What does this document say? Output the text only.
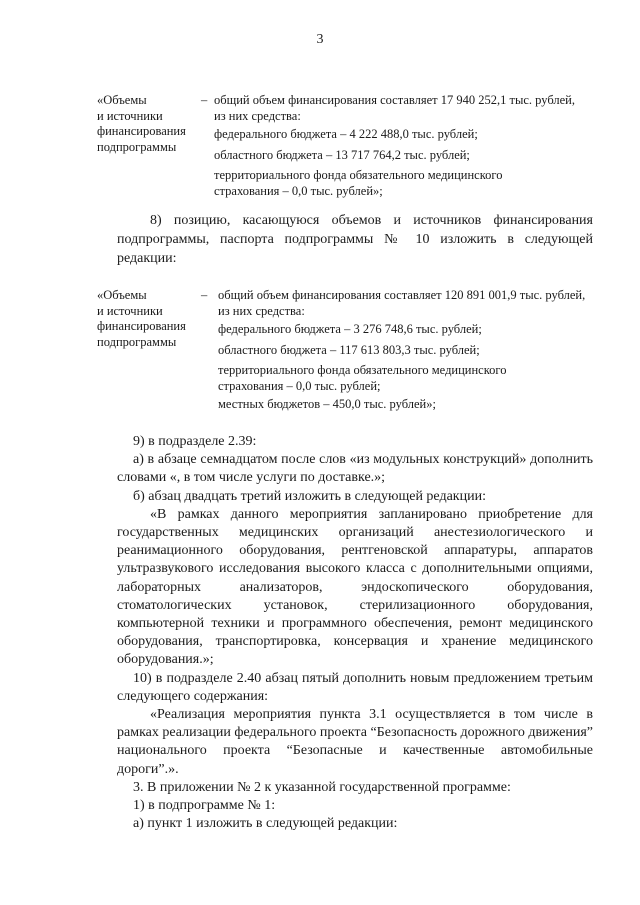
3
«Объемы
и источники
финансирования
подпрограммы
– общий объем финансирования составляет 17 940 252,1 тыс. рублей,
из них средства:
федерального бюджета – 4 222 488,0 тыс. рублей;
областного бюджета – 13 717 764,2 тыс. рублей;
территориального фонда обязательного медицинского
страхования – 0,0 тыс. рублей»;
8) позицию, касающуюся объемов и источников финансирования подпрограммы, паспорта подпрограммы № 10 изложить в следующей редакции:
«Объемы
и источники
финансирования
подпрограммы
– общий объем финансирования составляет 120 891 001,9 тыс. рублей,
из них средства:
федерального бюджета – 3 276 748,6 тыс. рублей;
областного бюджета – 117 613 803,3 тыс. рублей;
территориального фонда обязательного медицинского
страхования – 0,0 тыс. рублей;
местных бюджетов – 450,0 тыс. рублей»;

9) в подразделе 2.39:

а) в абзаце семнадцатом после слов «из модульных конструкций» дополнить словами «, в том числе услуги по доставке.»;

б) абзац двадцать третий изложить в следующей редакции:

«В рамках данного мероприятия запланировано приобретение для государственных медицинских организаций анестезиологического и реанимационного оборудования, рентгеновской аппаратуры, аппаратов ультразвукового исследования высокого класса с дополнительными опциями, лабораторных анализаторов, эндоскопического оборудования, стоматологических установок, стерилизационного оборудования, компьютерной техники и программного обеспечения, ремонт медицинского оборудования, транспортировка, консервация и хранение медицинского оборудования.»;

10) в подразделе 2.40 абзац пятый дополнить новым предложением третьим следующего содержания:

«Реализация мероприятия пункта 3.1 осуществляется в том числе в рамках реализации федерального проекта “Безопасность дорожного движения” национального проекта “Безопасные и качественные автомобильные дороги”.».

3. В приложении № 2 к указанной государственной программе:

1) в подпрограмме № 1:

а) пункт 1 изложить в следующей редакции:
